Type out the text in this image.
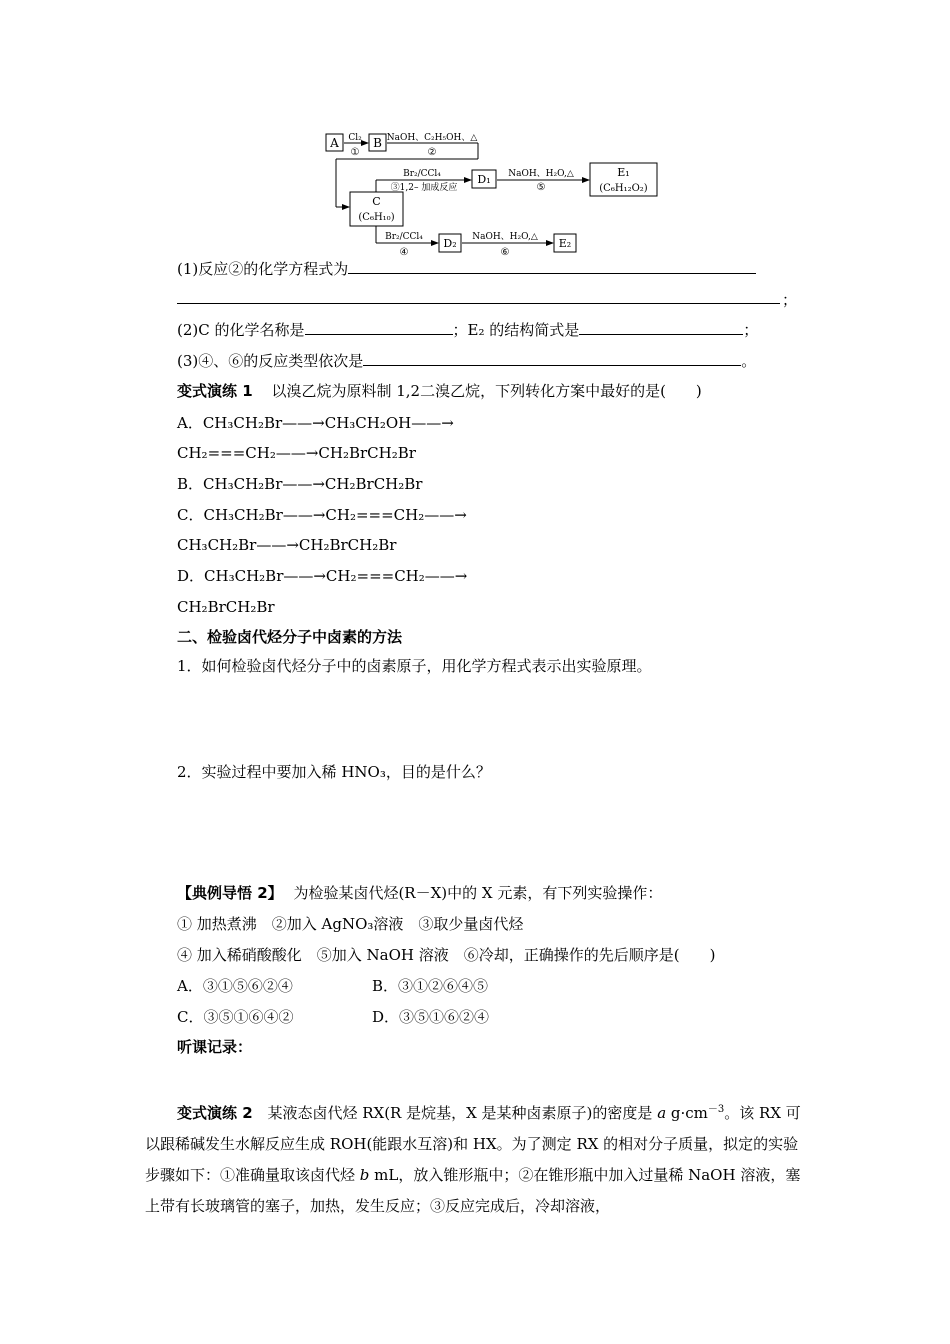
A Cl₂
①
B NaOH、C₂H₅OH、△
②
C
(C₆H₁₀)
Br₂/CCl₄
③1,2– 加成反应
D₁ NaOH、H₂O,△
⑤
E₁
(C₆H₁₂O₂)
Br₂/CCl₄
④
D₂ NaOH、H₂O,△
⑥
E₂
(1)反应②的化学方程式为
；
(2)C 的化学名称是	；E₂ 的结构简式是	；
(3)④、⑥的反应类型依次是	。
变式演练 1 以溴乙烷为原料制 1,2二溴乙烷，下列转化方案中最好的是(　　)
A．CH₃CH₂Br——→CH₃CH₂OH——→
CH₂===CH₂——→CH₂BrCH₂Br
B．CH₃CH₂Br——→CH₂BrCH₂Br
C．CH₃CH₂Br——→CH₂===CH₂——→
CH₃CH₂Br——→CH₂BrCH₂Br
D．CH₃CH₂Br——→CH₂===CH₂——→
CH₂BrCH₂Br
二、检验卤代烃分子中卤素的方法
1．如何检验卤代烃分子中的卤素原子，用化学方程式表示出实验原理。
2．实验过程中要加入稀 HNO₃，目的是什么？
【典例导悟 2】 为检验某卤代烃(R－X)中的 X 元素，有下列实验操作：
① 加热煮沸　②加入 AgNO₃溶液　③取少量卤代烃
④ 加入稀硝酸酸化　⑤加入 NaOH 溶液　⑥冷却，正确操作的先后顺序是(　　)
A．③①⑤⑥②④	B．③①②⑥④⑤
C．③⑤①⑥④②	D．③⑤①⑥②④
听课记录：
变式演练 2 某液态卤代烃 RX(R 是烷基，X 是某种卤素原子)的密度是 a $g\cdot cm^{-3}$。该 RX 可以跟稀碱发生水解反应生成 ROH(能跟水互溶)和 HX。为了测定 RX 的相对分子质量，拟定的实验步骤如下：①准确量取该卤代烃 b mL，放入锥形瓶中；②在锥形瓶中加入过量稀 NaOH 溶液，塞上带有长玻璃管的塞子，加热，发生反应；③反应完成后，冷却溶液，
